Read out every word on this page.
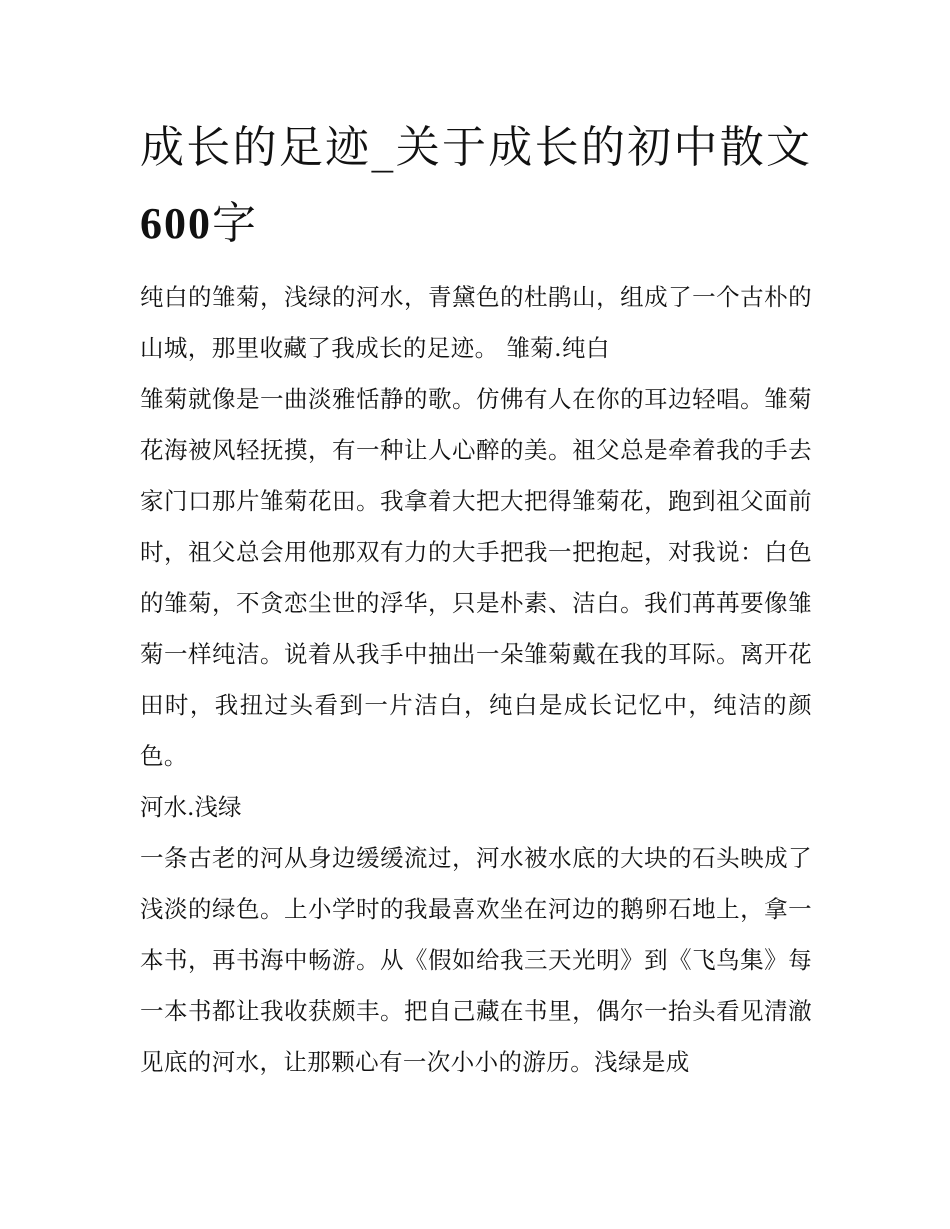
成长的足迹_关于成长的初中散文600字

纯白的雏菊，浅绿的河水，青黛色的杜鹃山，组成了一个古朴的山城，那里收藏了我成长的足迹。 雏菊.纯白

雏菊就像是一曲淡雅恬静的歌。仿佛有人在你的耳边轻唱。雏菊花海被风轻抚摸，有一种让人心醉的美。祖父总是牵着我的手去家门口那片雏菊花田。我拿着大把大把得雏菊花，跑到祖父面前时，祖父总会用他那双有力的大手把我一把抱起，对我说：白色的雏菊，不贪恋尘世的浮华，只是朴素、洁白。我们苒苒要像雏菊一样纯洁。说着从我手中抽出一朵雏菊戴在我的耳际。离开花田时，我扭过头看到一片洁白，纯白是成长记忆中，纯洁的颜色。

河水.浅绿

一条古老的河从身边缓缓流过，河水被水底的大块的石头映成了浅淡的绿色。上小学时的我最喜欢坐在河边的鹅卵石地上，拿一本书，再书海中畅游。从《假如给我三天光明》到《飞鸟集》每一本书都让我收获颇丰。把自己藏在书里，偶尔一抬头看见清澈见底的河水，让那颗心有一次小小的游历。浅绿是成
